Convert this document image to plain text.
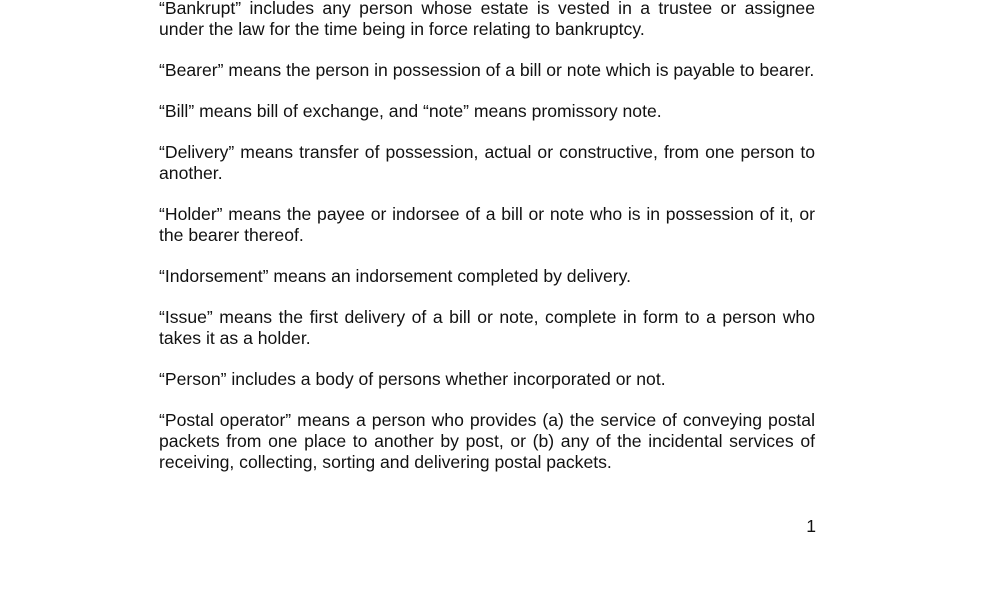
“Bankrupt” includes any person whose estate is vested in a trustee or assignee under the law for the time being in force relating to bankruptcy.

“Bearer” means the person in possession of a bill or note which is payable to bearer.

“Bill” means bill of exchange, and “note” means promissory note.

“Delivery” means transfer of possession, actual or constructive, from one person to another.

“Holder” means the payee or indorsee of a bill or note who is in possession of it, or the bearer thereof.

“Indorsement” means an indorsement completed by delivery.

“Issue” means the first delivery of a bill or note, complete in form to a person who takes it as a holder.

“Person” includes a body of persons whether incorporated or not.

“Postal operator” means a person who provides (a) the service of conveying postal packets from one place to another by post, or (b) any of the incidental services of receiving, collecting, sorting and delivering postal packets.

1
